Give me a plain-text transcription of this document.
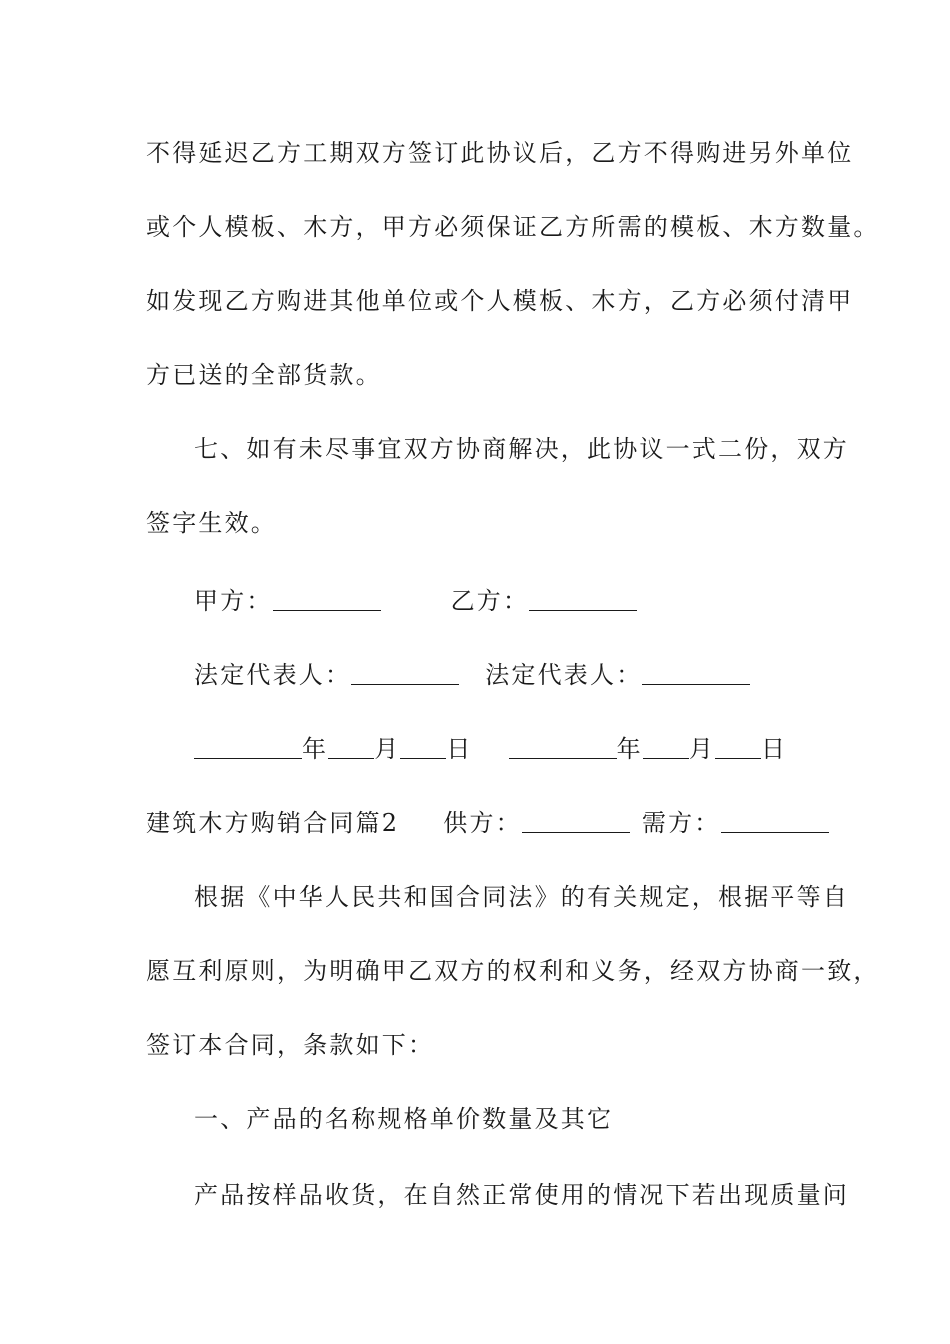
不得延迟乙方工期双方签订此协议后，乙方不得购进另外单位
或个人模板、木方，甲方必须保证乙方所需的模板、木方数量。
如发现乙方购进其他单位或个人模板、木方，乙方必须付清甲
方已送的全部货款。
七、如有未尽事宜双方协商解决，此协议一式二份，双方
签字生效。
甲方：	乙方：
法定代表人：	法定代表人：
年 月 日	年 月 日
建筑木方购销合同篇2 供方：	需方：
根据《中华人民共和国合同法》的有关规定，根据平等自
愿互利原则，为明确甲乙双方的权利和义务，经双方协商一致，
签订本合同，条款如下：
一、产品的名称规格单价数量及其它
产品按样品收货，在自然正常使用的情况下若出现质量问
